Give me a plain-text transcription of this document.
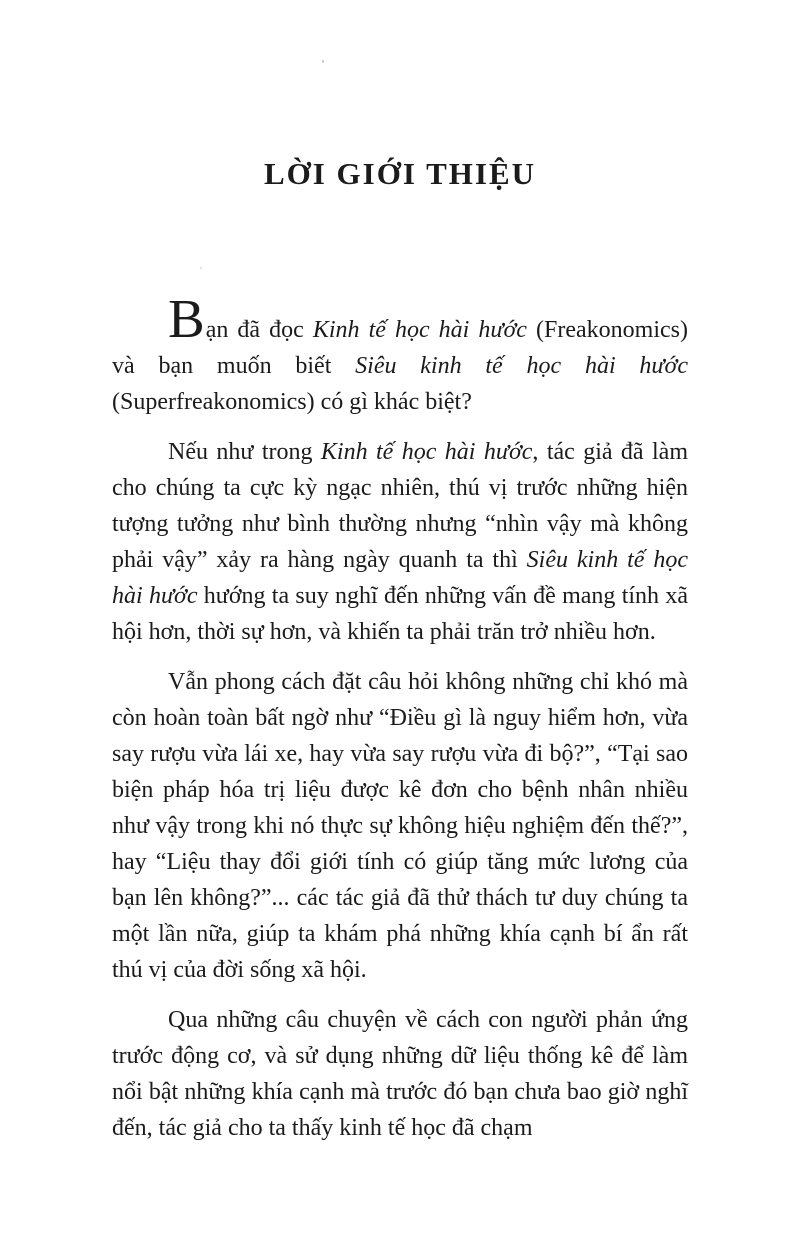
LỜI GIỚI THIỆU

Bạn đã đọc Kinh tế học hài hước (Freakonomics) và bạn muốn biết Siêu kinh tế học hài hước (Superfreakonomics) có gì khác biệt?

Nếu như trong Kinh tế học hài hước, tác giả đã làm cho chúng ta cực kỳ ngạc nhiên, thú vị trước những hiện tượng tưởng như bình thường nhưng “nhìn vậy mà không phải vậy” xảy ra hàng ngày quanh ta thì Siêu kinh tế học hài hước hướng ta suy nghĩ đến những vấn đề mang tính xã hội hơn, thời sự hơn, và khiến ta phải trăn trở nhiều hơn.

Vẫn phong cách đặt câu hỏi không những chỉ khó mà còn hoàn toàn bất ngờ như “Điều gì là nguy hiểm hơn, vừa say rượu vừa lái xe, hay vừa say rượu vừa đi bộ?”, “Tại sao biện pháp hóa trị liệu được kê đơn cho bệnh nhân nhiều như vậy trong khi nó thực sự không hiệu nghiệm đến thế?”, hay “Liệu thay đổi giới tính có giúp tăng mức lương của bạn lên không?”... các tác giả đã thử thách tư duy chúng ta một lần nữa, giúp ta khám phá những khía cạnh bí ẩn rất thú vị của đời sống xã hội.

Qua những câu chuyện về cách con người phản ứng trước động cơ, và sử dụng những dữ liệu thống kê để làm nổi bật những khía cạnh mà trước đó bạn chưa bao giờ nghĩ đến, tác giả cho ta thấy kinh tế học đã chạm
